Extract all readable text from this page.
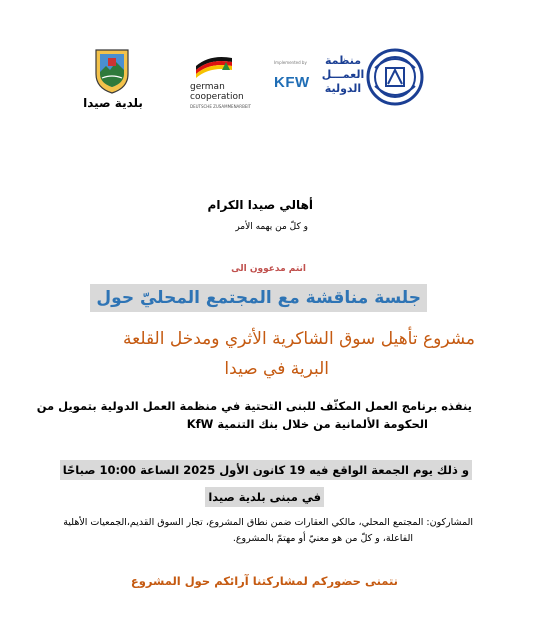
بلدية صيدا
german
cooperation
DEUTSCHE ZUSAMMENARBEIT
Implemented by
KFW
منظمة
العمـــل
الدولية
أهالي صيدا الكرام
و كلّ من يهمه الأمر
انتم مدعوون الى
جلسة مناقشة مع المجتمع المحليّ حول
مشروع تأهيل سوق الشاكرية الأثري ومدخل القلعة
البرية في صيدا
ينفذه برنامج العمل المكثّف للبنى التحتية في منظمة العمل الدولية بتمويل من
الحكومة الألمانية من خلال بنك التنمية KfW
و ذلك يوم الجمعة الواقع فيه 19 كانون الأول 2025 الساعة 10:00 صباحًا
في مبنى بلدية صيدا
المشاركون: المجتمع المحلي، مالكي العقارات ضمن نطاق المشروع، تجار السوق القديم،الجمعيات الأهلية
الفاعلة، و كلّ من هو معنيّ أو مهتمّ بالمشروع.
نتمنى حضوركم لمشاركتنا آرائكم حول المشروع
